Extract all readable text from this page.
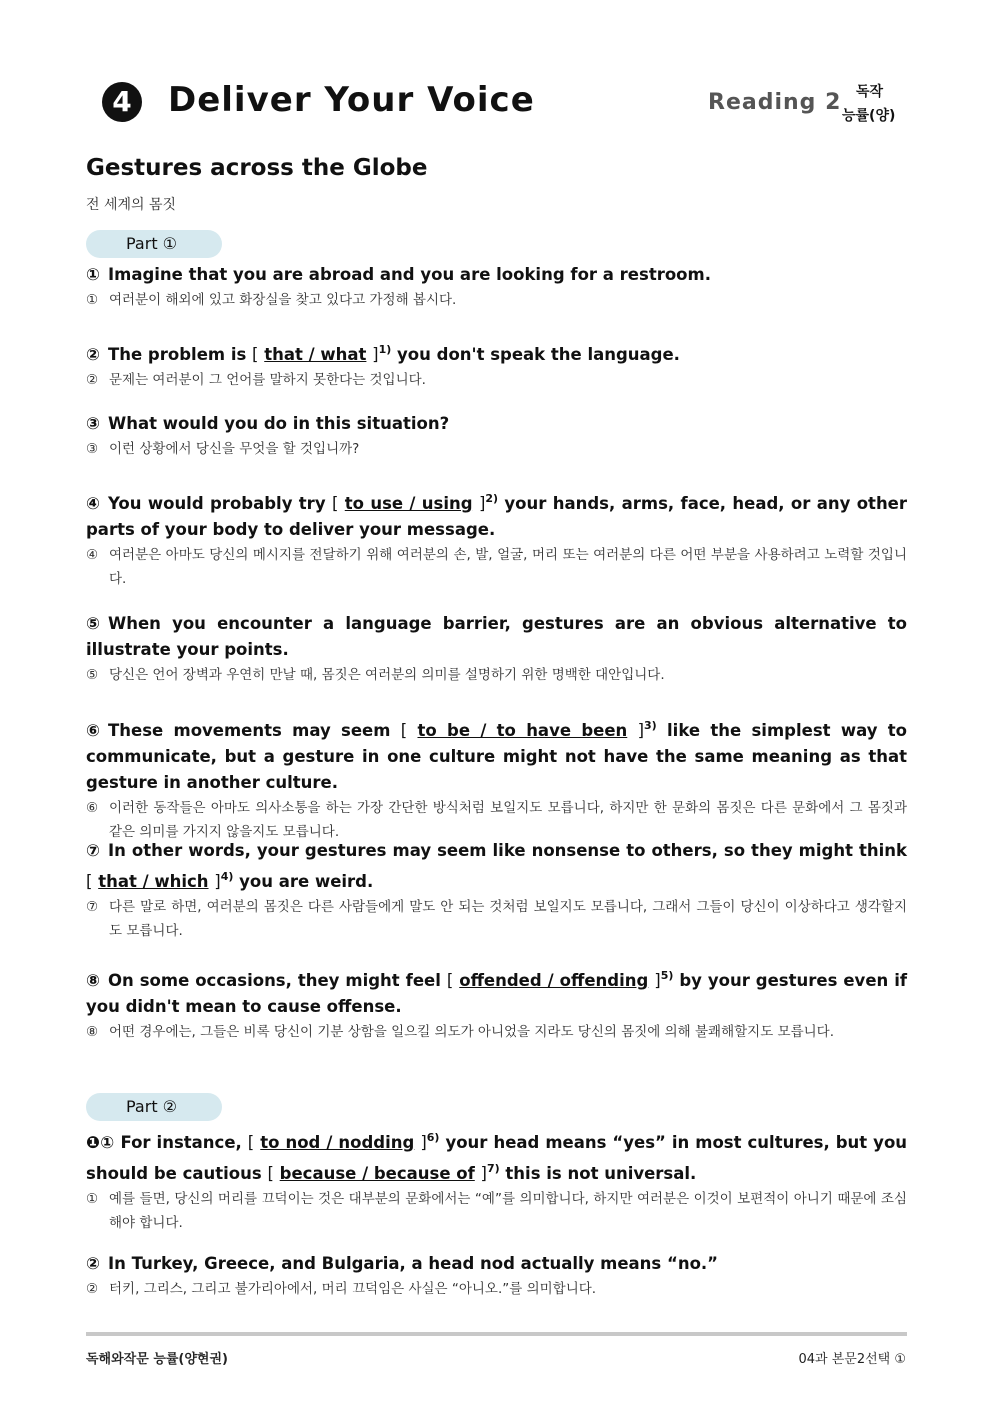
4	Deliver Your Voice	Reading 2 독작
능률(양)
Gestures across the Globe
전 세계의 몸짓
Part ①
① Imagine that you are abroad and you are looking for a restroom.
① 여러분이 해외에 있고 화장실을 찾고 있다고 가정해 봅시다.
② The problem is [ that / what ]$^{1)}$ you don't speak the language.
② 문제는 여러분이 그 언어를 말하지 못한다는 것입니다.
③ What would you do in this situation?
③ 이런 상황에서 당신을 무엇을 할 것입니까?
④ You would probably try [ to use / using ]$^{2)}$ your hands, arms, face, head, or any other parts of your body to deliver your message.
④ 여러분은 아마도 당신의 메시지를 전달하기 위해 여러분의 손, 발, 얼굴, 머리 또는 여러분의 다른 어떤 부분을 사용하려고 노력할 것입니다.
⑤ When you encounter a language barrier, gestures are an obvious alternative to illustrate your points.
⑤ 당신은 언어 장벽과 우연히 만날 때, 몸짓은 여러분의 의미를 설명하기 위한 명백한 대안입니다.
⑥ These movements may seem [ to be / to have been ]$^{3)}$ like the simplest way to communicate, but a gesture in one culture might not have the same meaning as that gesture in another culture.
⑥ 이러한 동작들은 아마도 의사소통을 하는 가장 간단한 방식처럼 보일지도 모릅니다, 하지만 한 문화의 몸짓은 다른 문화에서 그 몸짓과 같은 의미를 가지지 않을지도 모릅니다.
⑦ In other words, your gestures may seem like nonsense to others, so they might think [ that / which ]$^{4)}$ you are weird.
⑦ 다른 말로 하면, 여러분의 몸짓은 다른 사람들에게 말도 안 되는 것처럼 보일지도 모릅니다, 그래서 그들이 당신이 이상하다고 생각할지도 모릅니다.
⑧ On some occasions, they might feel [ offended / offending ]$^{5)}$ by your gestures even if you didn't mean to cause offense.
⑧ 어떤 경우에는, 그들은 비록 당신이 기분 상함을 일으킬 의도가 아니었을 지라도 당신의 몸짓에 의해 불쾌해할지도 모릅니다.
Part ②
❶① For instance, [ to nod / nodding ]$^{6)}$ your head means “yes” in most cultures, but you should be cautious [ because / because of ]$^{7)}$ this is not universal.
① 예를 들면, 당신의 머리를 끄덕이는 것은 대부분의 문화에서는 “예”를 의미합니다, 하지만 여러분은 이것이 보편적이 아니기 때문에 조심해야 합니다.
② In Turkey, Greece, and Bulgaria, a head nod actually means “no.”
② 터키, 그리스, 그리고 불가리아에서, 머리 끄덕임은 사실은 “아니오.”를 의미합니다.
독해와작문 능률(양현권)	04과 본문2선택 ①
